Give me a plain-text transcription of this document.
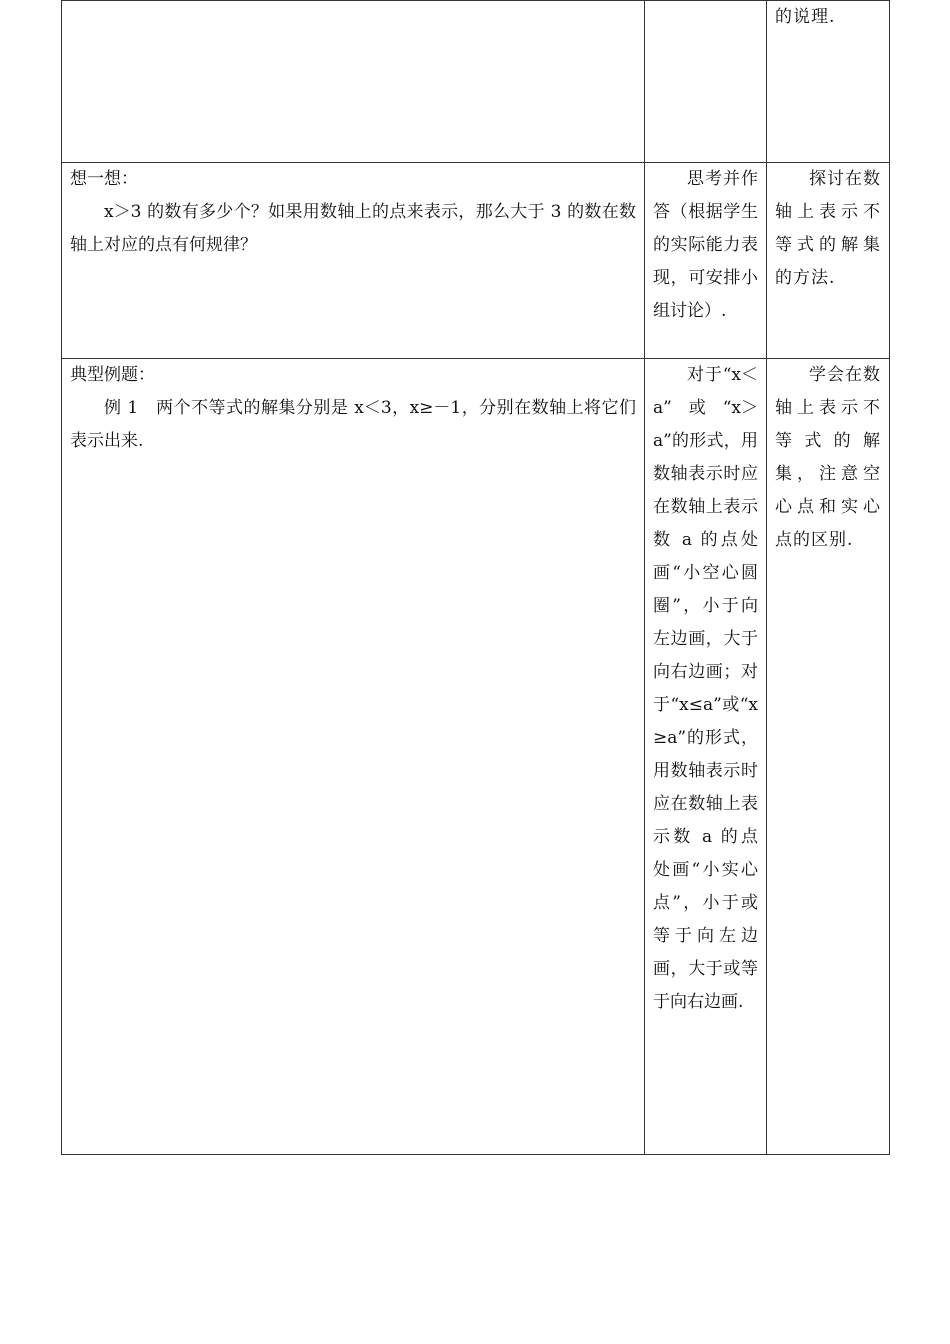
		的说理.

想一想：
x＞3 的数有多少个？如果用数轴上的点来表示，那么大于 3 的数在数轴上对应的点有何规律？	思考并作答（根据学生的实际能力表现，可安排小组讨论）.	探讨在数轴上表示不等式的解集的方法.

典型例题：
例 1　两个不等式的解集分别是 x＜3，x≥－1，分别在数轴上将它们表示出来.	对于“x＜a”或“x＞a”的形式，用数轴表示时应在数轴上表示数 a 的点处画“小空心圆圈”，小于向左边画，大于向右边画；对于“x≤a”或“x≥a”的形式，用数轴表示时应在数轴上表示数 a 的点处画“小实心点”，小于或等于向左边画，大于或等于向右边画.	学会在数轴上表示不等式的解集，注意空心点和实心点的区别.
